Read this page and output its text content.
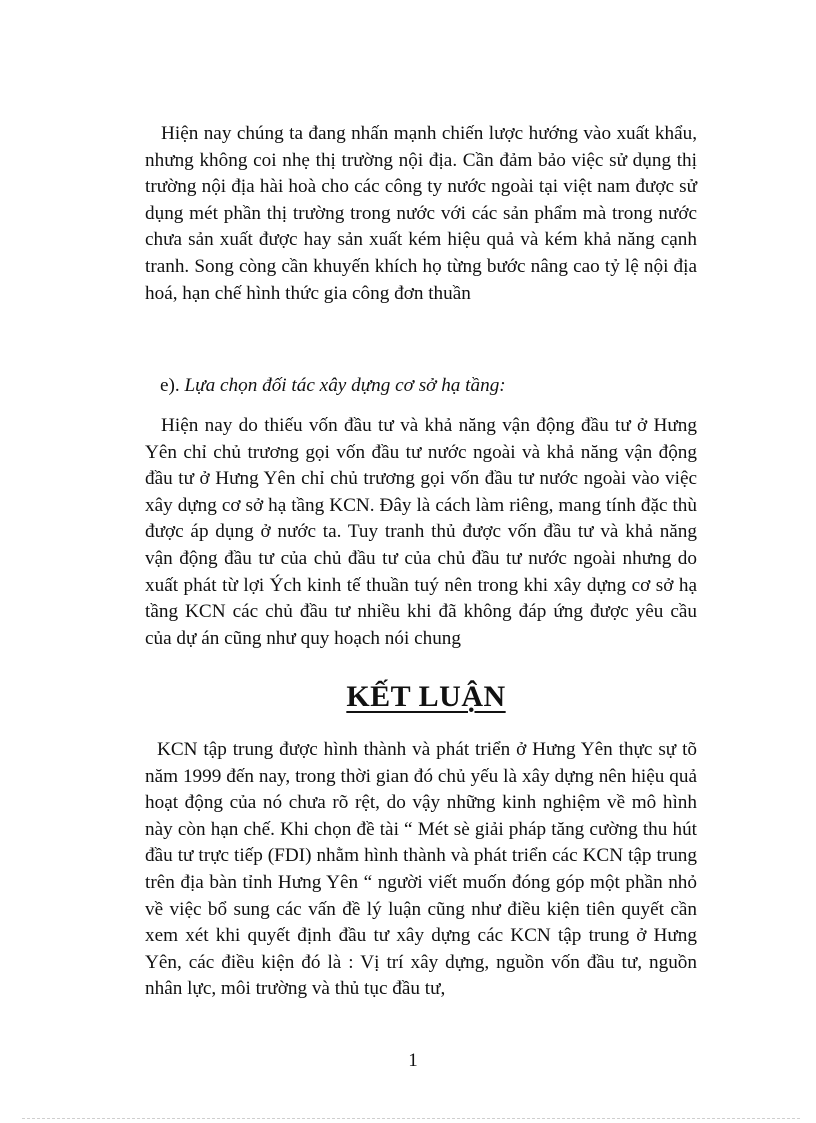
Hiện nay chúng ta đang nhấn mạnh chiến lược hướng vào xuất khẩu, nhưng không coi nhẹ thị trường nội địa. Cần đảm bảo việc sử dụng thị trường nội địa hài hoà cho các công ty nước ngoài tại việt nam được sử dụng mét phần thị trường trong nước với các sản phẩm mà trong nước chưa sản xuất được hay sản xuất kém hiệu quả và kém khả năng cạnh tranh. Song còng cần khuyến khích họ từng bước nâng cao tỷ lệ nội địa hoá, hạn chế hình thức gia công đơn thuần

e). Lựa chọn đối tác xây dựng cơ sở hạ tầng:

Hiện nay do thiếu vốn đầu tư và khả năng vận động đầu tư ở Hưng Yên chỉ chủ trương gọi vốn đầu tư nước ngoài và khả năng vận động đầu tư ở Hưng Yên chỉ chủ trương gọi vốn đầu tư nước ngoài vào việc xây dựng cơ sở hạ tầng KCN. Đây là cách làm riêng, mang tính đặc thù được áp dụng ở nước ta. Tuy tranh thủ được vốn đầu tư và khả năng vận động đầu tư của chủ đầu tư của chủ đầu tư nước ngoài nhưng do xuất phát từ lợi Ých kinh tế thuần tuý nên trong khi xây dựng cơ sở hạ tầng KCN các chủ đầu tư nhiều khi đã không đáp ứng được yêu cầu của dự án cũng như quy hoạch nói chung

KẾT LUẬN

KCN tập trung được hình thành và phát triển ở Hưng Yên thực sự tõ năm 1999 đến nay, trong thời gian đó chủ yếu là xây dựng nên hiệu quả hoạt động của nó chưa rõ rệt, do vậy những kinh nghiệm về mô hình này còn hạn chế. Khi chọn đề tài “ Mét sè giải pháp tăng cường thu hút đầu tư trực tiếp (FDI) nhằm hình thành và phát triển các KCN tập trung trên địa bàn tỉnh Hưng Yên “ người viết muốn đóng góp một phần nhỏ về việc bổ sung các vấn đề lý luận cũng như điều kiện tiên quyết cần xem xét khi quyết định đầu tư xây dựng các KCN tập trung ở Hưng Yên, các điều kiện đó là : Vị trí xây dựng, nguồn vốn đầu tư, nguồn nhân lực, môi trường và thủ tục đầu tư,

1
